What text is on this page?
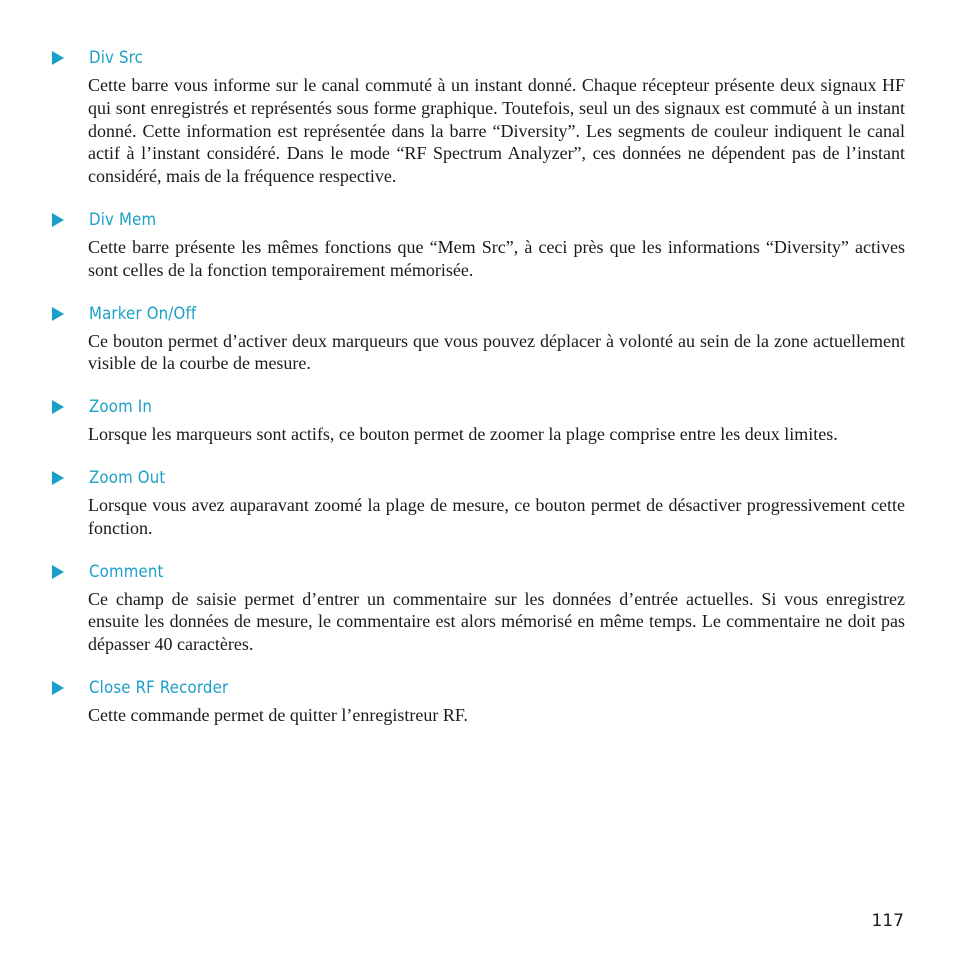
Div Src
Cette barre vous informe sur le canal commuté à un instant donné. Chaque récepteur présente deux signaux HF qui sont enregistrés et représentés sous forme graphique. Toutefois, seul un des signaux est commuté à un instant donné. Cette information est représentée dans la barre “Diversity”. Les segments de couleur indiquent le canal actif à l’instant considéré. Dans le mode “RF Spectrum Analyzer”, ces données ne dépendent pas de l’instant considéré, mais de la fréquence respective.
Div Mem
Cette barre présente les mêmes fonctions que “Mem Src”, à ceci près que les informations “Diversity” actives sont celles de la fonction temporairement mémorisée.
Marker On/Off
Ce bouton permet d’activer deux marqueurs que vous pouvez déplacer à volonté au sein de la zone actuellement visible de la courbe de mesure.
Zoom In
Lorsque les marqueurs sont actifs, ce bouton permet de zoomer la plage comprise entre les deux limites.
Zoom Out
Lorsque vous avez auparavant zoomé la plage de mesure, ce bouton permet de désactiver progressivement cette fonction.
Comment
Ce champ de saisie permet d’entrer un commentaire sur les données d’entrée actuelles. Si vous enregistrez ensuite les données de mesure, le commentaire est alors mémorisé en même temps. Le commentaire ne doit pas dépasser 40 caractères.
Close RF Recorder
Cette commande permet de quitter l’enregistreur RF.
117
